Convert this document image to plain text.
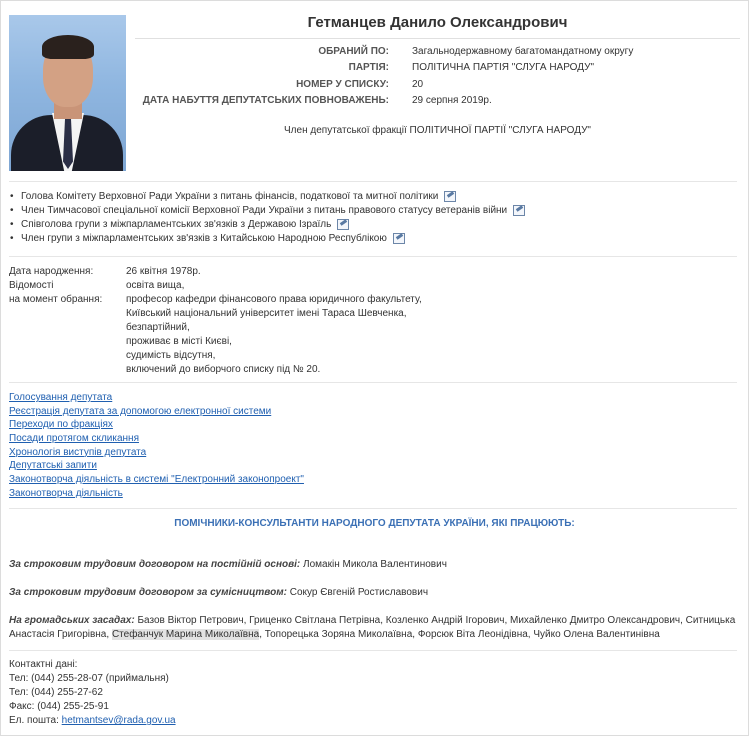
Гетманцев Данило Олександрович
ОБРАНИЙ ПО: Загальнодержавному багатомандатному округу
ПАРТІЯ: ПОЛІТИЧНА ПАРТІЯ "СЛУГА НАРОДУ"
НОМЕР У СПИСКУ: 20
ДАТА НАБУТТЯ ДЕПУТАТСЬКИХ ПОВНОВАЖЕНЬ: 29 серпня 2019р.
Член депутатської фракції ПОЛІТИЧНОЇ ПАРТІЇ "СЛУГА НАРОДУ"
• Голова Комітету Верховної Ради України з питань фінансів, податкової та митної політики
• Член Тимчасової спеціальної комісії Верховної Ради України з питань правового статусу ветеранів війни
• Співголова групи з міжпарламентських зв'язків з Державою Ізраїль
• Член групи з міжпарламентських зв'язків з Китайською Народною Республікою
Дата народження:	26 квітня 1978р.
Відомості	освіта вища,
на момент обрання: професор кафедри фінансового права юридичного факультету,
Київський національний університет імені Тараса Шевченка,
безпартійний,
проживає в місті Києві,
судимість відсутня,
включений до виборчого списку під № 20.
Голосування депутата
Реєстрація депутата за допомогою електронної системи
Переходи по фракціях
Посади протягом скликання
Хронологія виступів депутата
Депутатські запити
Законотворча діяльність в системі "Електронний законопроект"
Законотворча діяльність
ПОМІЧНИКИ-КОНСУЛЬТАНТИ НАРОДНОГО ДЕПУТАТА УКРАЇНИ, ЯКІ ПРАЦЮЮТЬ:
За строковим трудовим договором на постійній основі: Ломакін Микола Валентинович
За строковим трудовим договором за сумісництвом: Сокур Євгеній Ростиславович
На громадських засадах: Базов Віктор Петрович, Гриценко Світлана Петрівна, Козленко Андрій Ігорович, Михайленко Дмитро Олександрович, Ситницька Анастасія Григорівна, Стефанчук Марина Миколаївна, Топорецька Зоряна Миколаївна, Форсюк Віта Леонідівна, Чуйко Олена Валентинівна
Контактні дані:
Тел: (044) 255-28-07 (приймальня)
Тел: (044) 255-27-62
Факс: (044) 255-25-91
Ел. пошта: hetmantsev@rada.gov.ua
